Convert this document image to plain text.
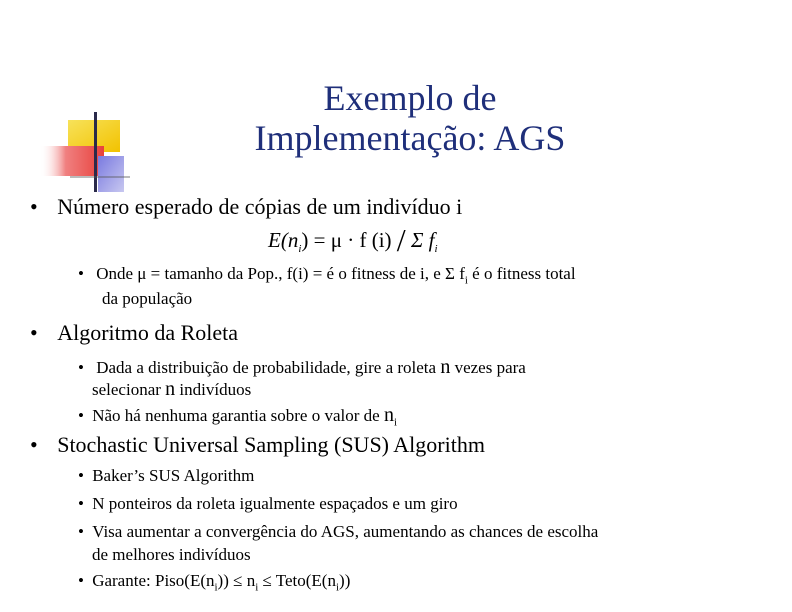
Exemplo de
Implementação: AGS
• Número esperado de cópias de um indivíduo i
$E(n_i) = \mu \cdot f$ (i) / Σ $f_i$
• Onde μ = tamanho da Pop., f(i) = é o fitness de i, e Σ $f_i$ é o fitness total
da população
• Algoritmo da Roleta
• Dada a distribuição de probabilidade, gire a roleta n vezes para
selecionar n indivíduos
• Não há nenhuma garantia sobre o valor de $n_i$
• Stochastic Universal Sampling (SUS) Algorithm
• Baker’s SUS Algorithm
• N ponteiros da roleta igualmente espaçados e um giro
• Visa aumentar a convergência do AGS, aumentando as chances de escolha
de melhores indivíduos
• Garante: $Piso(E(n_i)) \le n_i$ ≤ $Teto(E(n_i))$
